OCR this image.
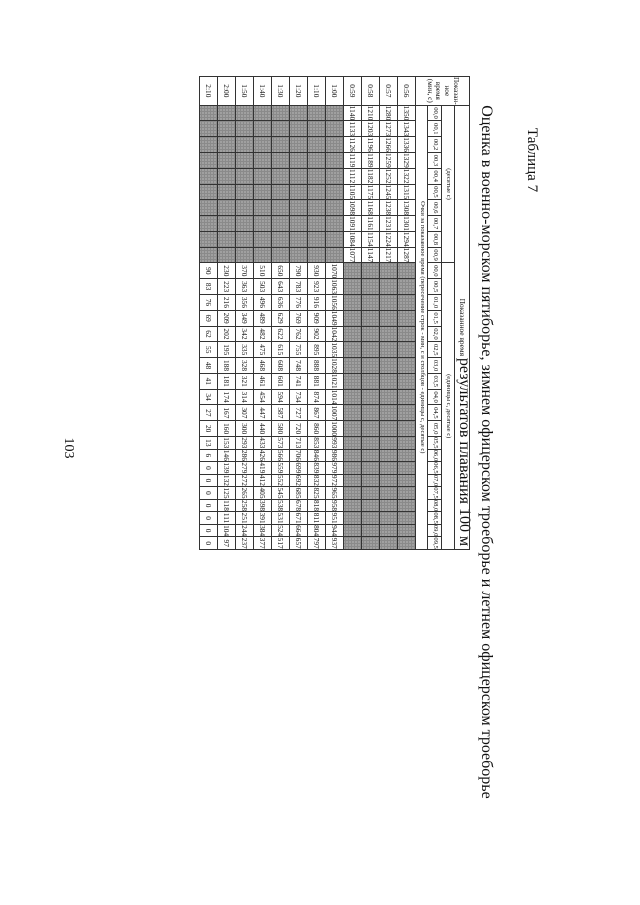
103
Таблица 7
Оценка в военно-морском пятиборье, зимнем офицерском троеборье и летнем офицерском троеборье результатов плавания 100 м
Показан-ное время (мин, с)	Показанное время																													
	(десятые с)										(единицы с, десятые с)																			
	00,0	00,1	00,2	00,3	00,4	00,5	00,6	00,7	00,8	00,9	00,0	00,5	01,0	01,5	02,0	02,5	03,0	03,5	04,0	04,5	05,0	05,5	06,0	06,5	07,0	07,5	08,0	08,5	09,0	09,5
	Очки за показанное время (пересечение строк - мин, с и столбцов - единицы с, десятые с)																													
0:56	1350	1343	1336	1329	1322	1315	1308	1301	1294	1287																				
0:57	1280	1273	1266	1259	1252	1245	1238	1231	1224	1217																				
0:58	1210	1203	1196	1189	1182	1175	1168	1161	1154	1147																				
0:59	1140	1133	1126	1119	1112	1105	1098	1091	1084	1077																				
1:00											1070	1063	1056	1049	1042	1035	1028	1021	1014	1007	1000	993	986	979	972	965	958	951	944	937
1:10											930	923	916	909	902	895	888	881	874	867	860	853	846	839	832	825	818	811	804	797
1:20											790	783	776	769	762	755	748	741	734	727	720	713	706	699	692	685	678	671	664	657
1:30											650	643	636	629	622	615	608	601	594	587	580	573	566	559	552	545	538	531	524	517
1:40											510	503	496	489	482	475	468	461	454	447	440	433	426	419	412	405	398	391	384	377
1:50											370	363	356	349	342	335	328	321	314	307	300	293	286	279	272	265	258	251	244	237
2:00											230	223	216	209	202	195	188	181	174	167	160	153	146	139	132	125	118	111	104	97
2:10											90	83	76	69	62	55	48	41	34	27	20	13	6	0	0	0	0	0	0	0
